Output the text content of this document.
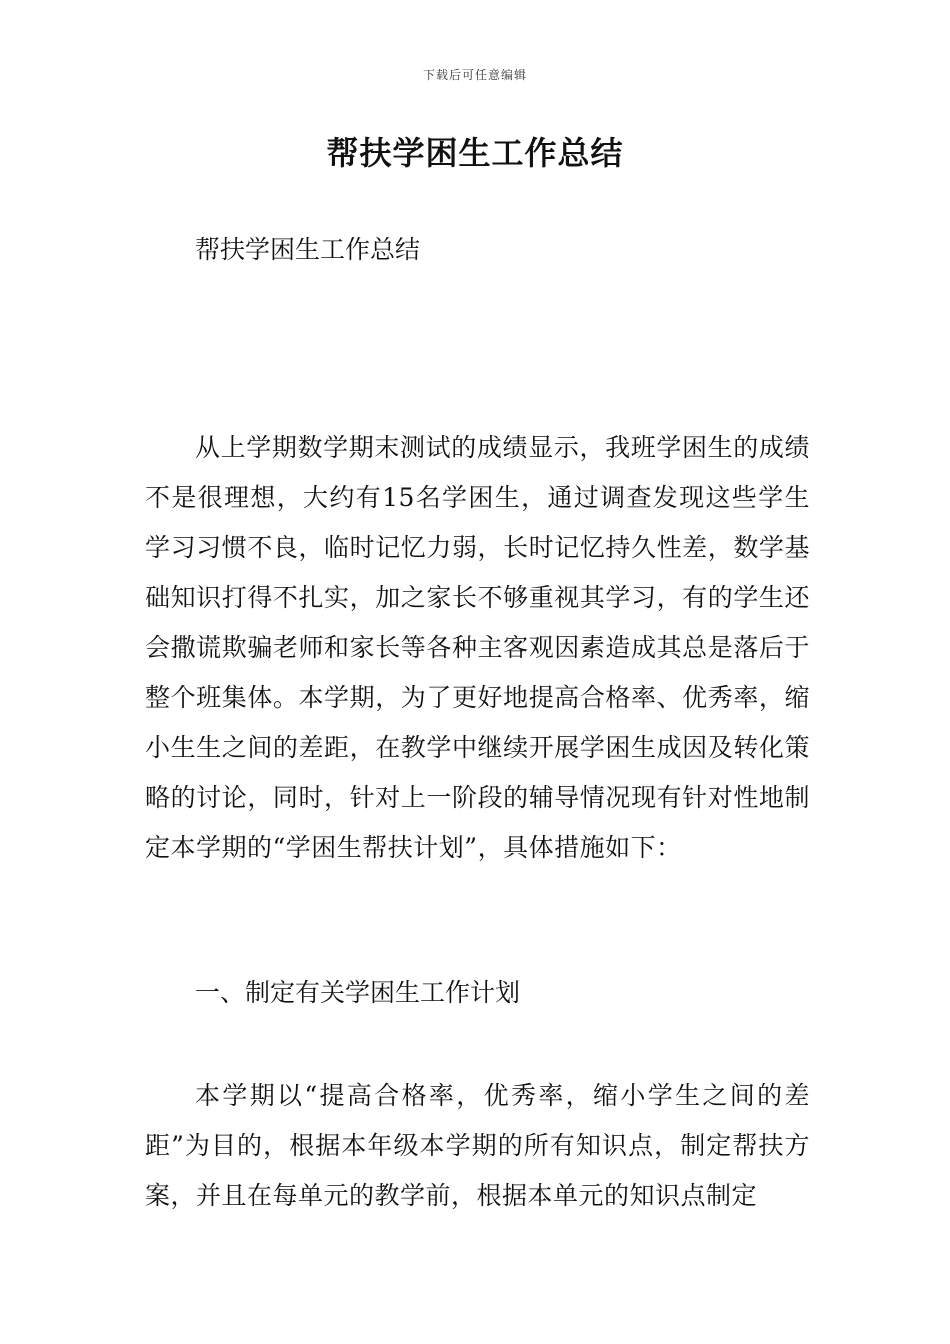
下载后可任意编辑
帮扶学困生工作总结

帮扶学困生工作总结

从上学期数学期末测试的成绩显示，我班学困生的成绩不是很理想，大约有15名学困生，通过调查发现这些学生学习习惯不良，临时记忆力弱，长时记忆持久性差，数学基础知识打得不扎实，加之家长不够重视其学习，有的学生还会撒谎欺骗老师和家长等各种主客观因素造成其总是落后于整个班集体。本学期，为了更好地提高合格率、优秀率，缩小生生之间的差距，在教学中继续开展学困生成因及转化策略的讨论，同时，针对上一阶段的辅导情况现有针对性地制定本学期的“学困生帮扶计划”，具体措施如下：

一、制定有关学困生工作计划

本学期以“提高合格率，优秀率，缩小学生之间的差距”为目的，根据本年级本学期的所有知识点，制定帮扶方案，并且在每单元的教学前，根据本单元的知识点制定
